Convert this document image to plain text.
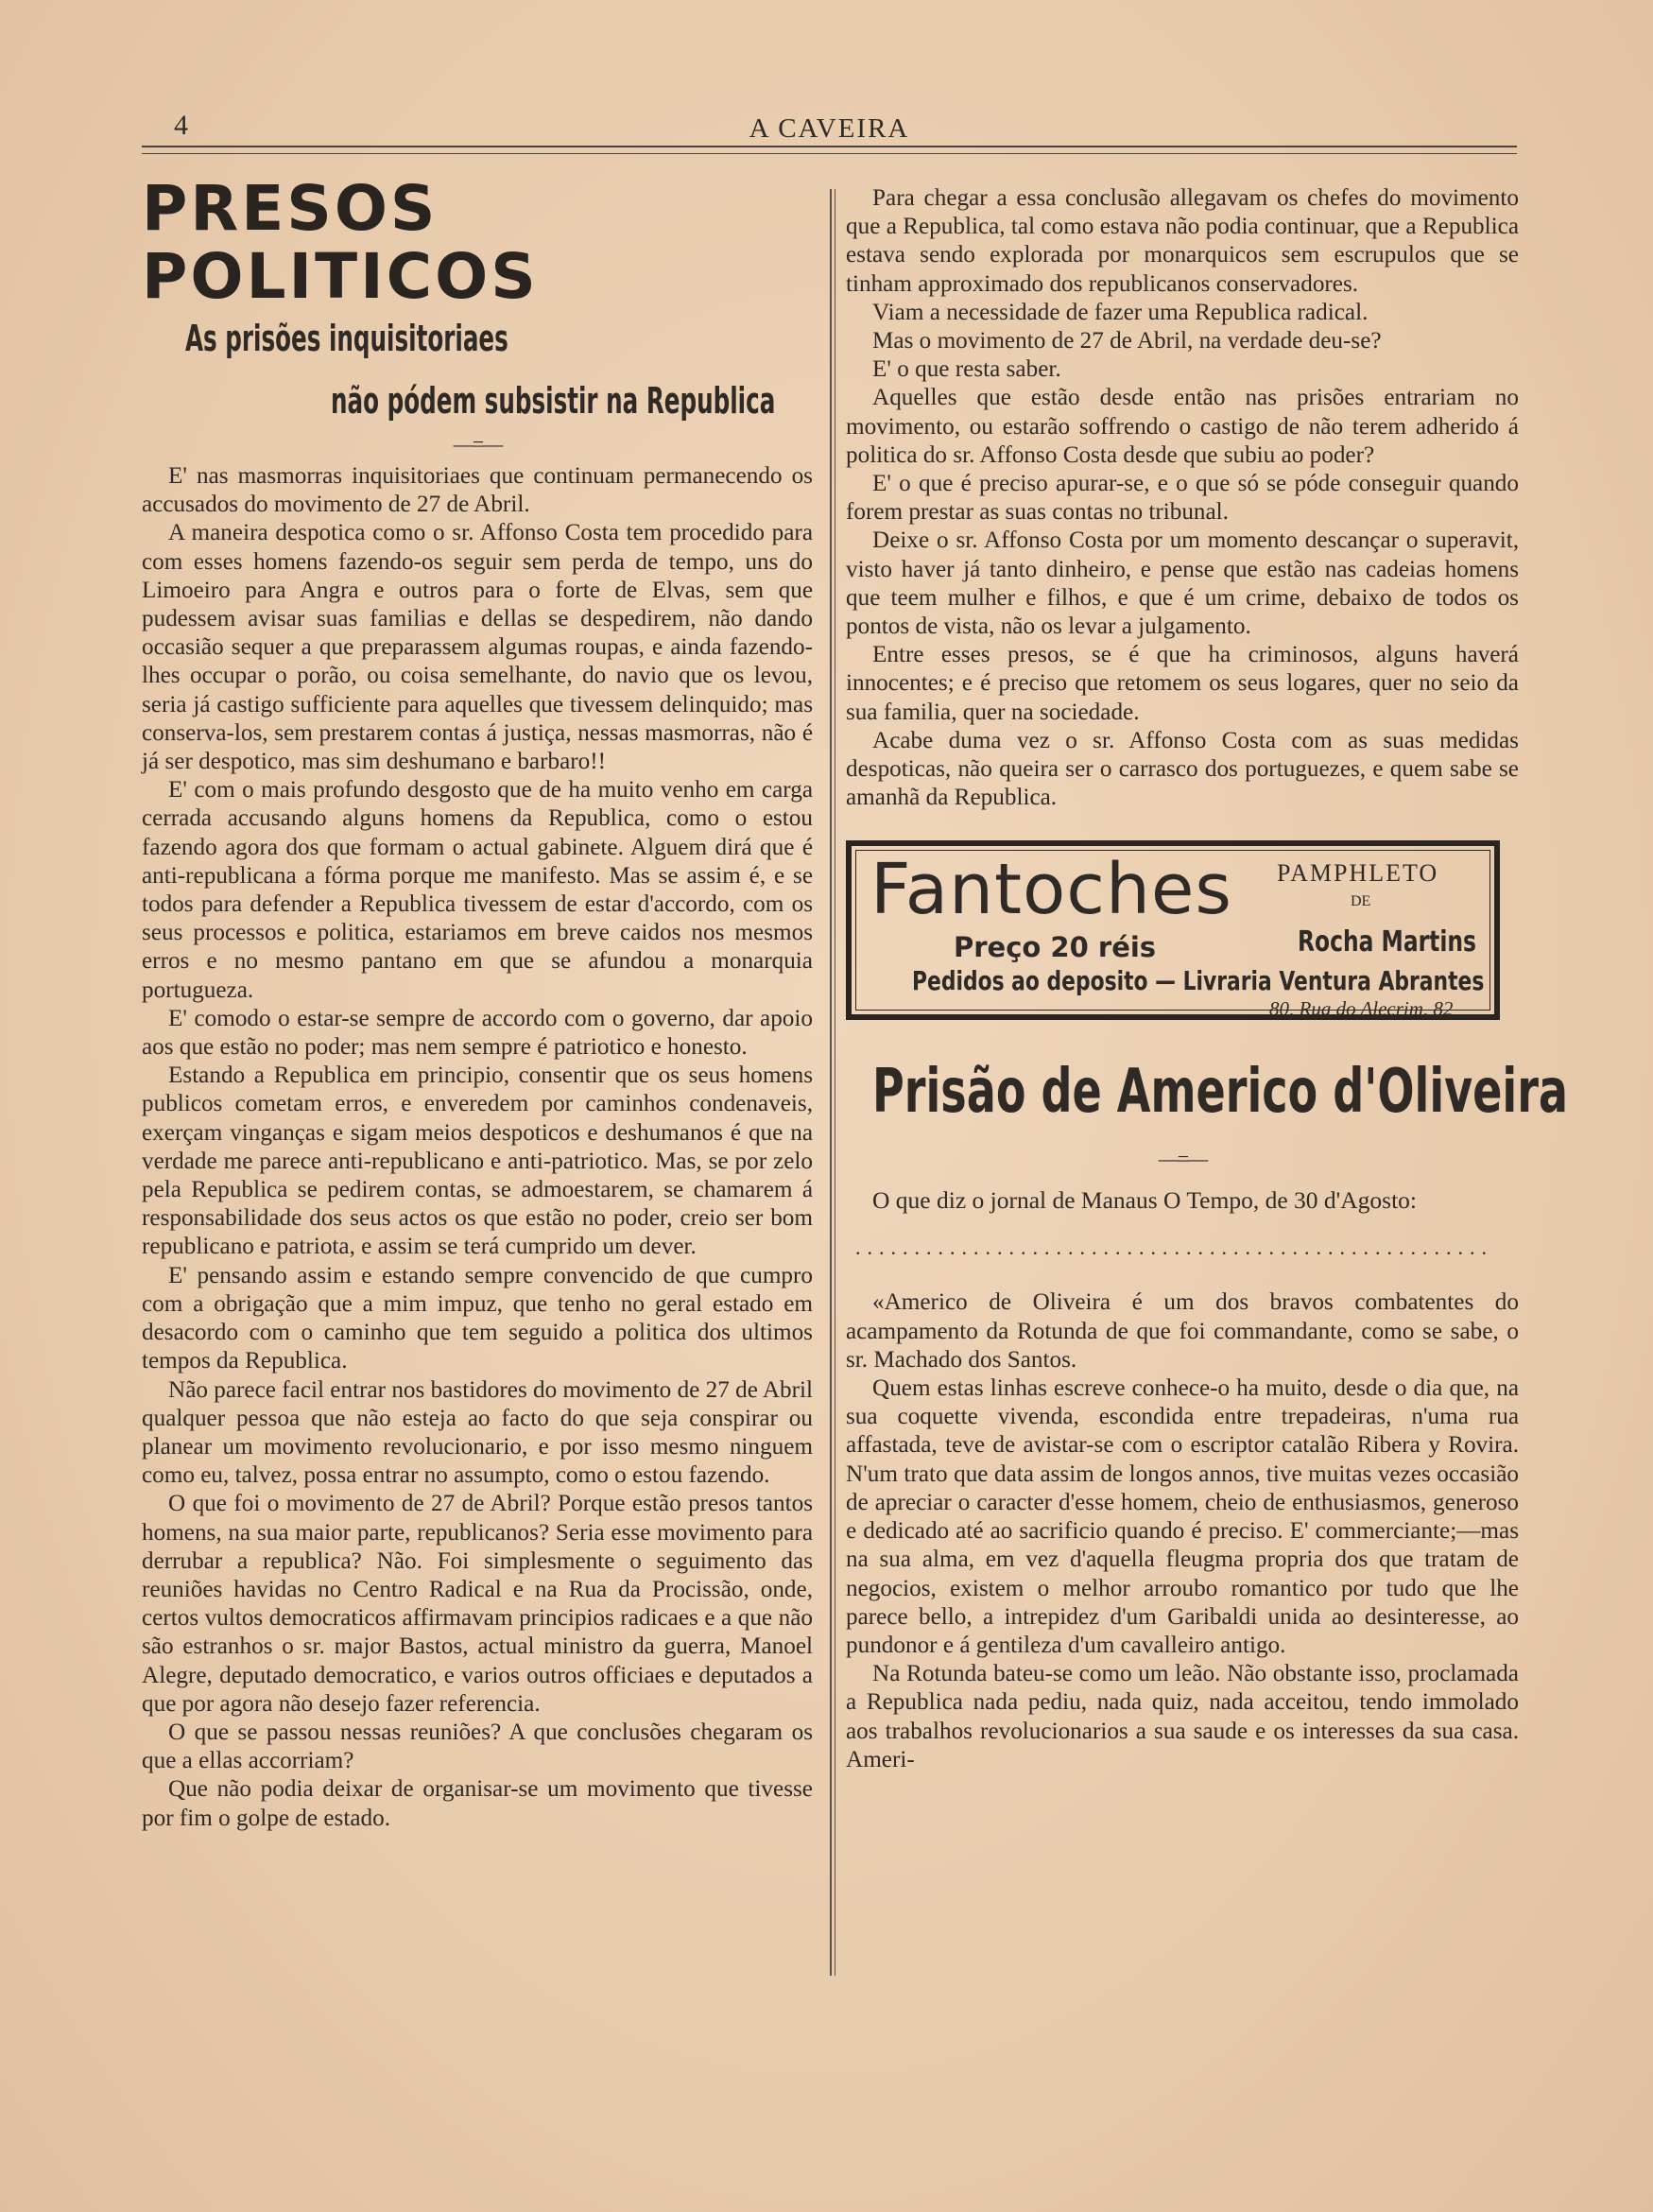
4	A CAVEIRA
PRESOS POLITICOS
As prisões inquisitoriaes
não pódem subsistir na Republica
—=—

E' nas masmorras inquisitoriaes que continuam permanecendo os accusados do movimento de 27 de Abril.

A maneira despotica como o sr. Affonso Costa tem procedido para com esses homens fazendo-os seguir sem perda de tempo, uns do Limoeiro para Angra e outros para o forte de Elvas, sem que pudessem avisar suas familias e dellas se despedirem, não dando occasião sequer a que preparassem algumas roupas, e ainda fazendo-lhes occupar o porão, ou coisa semelhante, do navio que os levou, seria já castigo sufficiente para aquelles que tivessem delinquido; mas conserva-los, sem prestarem contas á justiça, nessas masmorras, não é já ser despotico, mas sim deshumano e barbaro!!

E' com o mais profundo desgosto que de ha muito venho em carga cerrada accusando alguns homens da Republica, como o estou fazendo agora dos que formam o actual gabinete. Alguem dirá que é anti-republicana a fórma porque me manifesto. Mas se assim é, e se todos para defender a Republica tivessem de estar d'accordo, com os seus processos e politica, estariamos em breve caidos nos mesmos erros e no mesmo pantano em que se afundou a monarquia portugueza.

E' comodo o estar-se sempre de accordo com o governo, dar apoio aos que estão no poder; mas nem sempre é patriotico e honesto.

Estando a Republica em principio, consentir que os seus homens publicos cometam erros, e enveredem por caminhos condenaveis, exerçam vinganças e sigam meios despoticos e deshumanos é que na verdade me parece anti-republicano e anti-patriotico. Mas, se por zelo pela Republica se pedirem contas, se admoestarem, se chamarem á responsabilidade dos seus actos os que estão no poder, creio ser bom republicano e patriota, e assim se terá cumprido um dever.

E' pensando assim e estando sempre convencido de que cumpro com a obrigação que a mim impuz, que tenho no geral estado em desacordo com o caminho que tem seguido a politica dos ultimos tempos da Republica.

Não parece facil entrar nos bastidores do movimento de 27 de Abril qualquer pessoa que não esteja ao facto do que seja conspirar ou planear um movimento revolucionario, e por isso mesmo ninguem como eu, talvez, possa entrar no assumpto, como o estou fazendo.

O que foi o movimento de 27 de Abril? Porque estão presos tantos homens, na sua maior parte, republicanos? Seria esse movimento para derrubar a republica? Não. Foi simplesmente o seguimento das reuniões havidas no Centro Radical e na Rua da Procissão, onde, certos vultos democraticos affirmavam principios radicaes e a que não são estranhos o sr. major Bastos, actual ministro da guerra, Manoel Alegre, deputado democratico, e varios outros officiaes e deputados a que por agora não desejo fazer referencia.

O que se passou nessas reuniões? A que conclusões chegaram os que a ellas accorriam?

Que não podia deixar de organisar-se um movimento que tivesse por fim o golpe de estado.

Para chegar a essa conclusão allegavam os chefes do movimento que a Republica, tal como estava não podia continuar, que a Republica estava sendo explorada por monarquicos sem escrupulos que se tinham approximado dos republicanos conservadores.

Viam a necessidade de fazer uma Republica radical.

Mas o movimento de 27 de Abril, na verdade deu-se?

E' o que resta saber.

Aquelles que estão desde então nas prisões entrariam no movimento, ou estarão soffrendo o castigo de não terem adherido á politica do sr. Affonso Costa desde que subiu ao poder?

E' o que é preciso apurar-se, e o que só se póde conseguir quando forem prestar as suas contas no tribunal.

Deixe o sr. Affonso Costa por um momento descançar o superavit, visto haver já tanto dinheiro, e pense que estão nas cadeias homens que teem mulher e filhos, e que é um crime, debaixo de todos os pontos de vista, não os levar a julgamento.

Entre esses presos, se é que ha criminosos, alguns haverá innocentes; e é preciso que retomem os seus logares, quer no seio da sua familia, quer na sociedade.

Acabe duma vez o sr. Affonso Costa com as suas medidas despoticas, não queira ser o carrasco dos portuguezes, e quem sabe se amanhã da Republica.

Fantoches PAMPHLETO
DE
Rocha Martins
Preço 20 réis
Pedidos ao deposito — Livraria Ventura Abrantes
80, Rua do Alecrim, 82
Prisão de Americo d'Oliveira
—=—

O que diz o jornal de Manaus O Tempo, de 30 d'Agosto:

......................................................

«Americo de Oliveira é um dos bravos combatentes do acampamento da Rotunda de que foi commandante, como se sabe, o sr. Machado dos Santos.

Quem estas linhas escreve conhece-o ha muito, desde o dia que, na sua coquette vivenda, escondida entre trepadeiras, n'uma rua affastada, teve de avistar-se com o escriptor catalão Ribera y Rovira. N'um trato que data assim de longos annos, tive muitas vezes occasião de apreciar o caracter d'esse homem, cheio de enthusiasmos, generoso e dedicado até ao sacrificio quando é preciso. E' commerciante;—mas na sua alma, em vez d'aquella fleugma propria dos que tratam de negocios, existem o melhor arroubo romantico por tudo que lhe parece bello, a intrepidez d'um Garibaldi unida ao desinteresse, ao pundonor e á gentileza d'um cavalleiro antigo.

Na Rotunda bateu-se como um leão. Não obstante isso, proclamada a Republica nada pediu, nada quiz, nada acceitou, tendo immolado aos trabalhos revolucionarios a sua saude e os interesses da sua casa. Ameri-
